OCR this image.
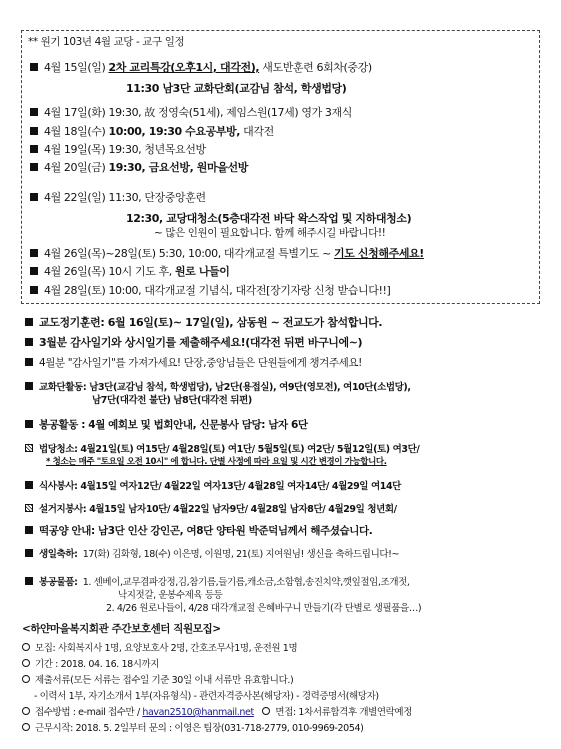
** 원기 103년 4월 교당 - 교구 일정
4월 15일(일) 2차 교리특강(오후1시, 대각전), 새도반훈련 6회차(중강)
11:30 남3단 교화단회(교감님 참석, 학생법당)
4월 17일(화) 19:30, 故 정영숙(51세), 제임스원(17세) 영가 3재식
4월 18일(수) 10:00, 19:30 수요공부방, 대각전
4월 19일(목) 19:30, 청년목요선방
4월 20일(금) 19:30, 금요선방, 원마을선방
4월 22일(일) 11:30, 단장중앙훈련
12:30, 교당대청소(5층대각전 바닥 왁스작업 및 지하대청소)
~ 많은 인원이 필요합니다. 함께 해주시길 바랍니다!!
4월 26일(목)~28일(토) 5:30, 10:00, 대각개교절 특별기도 ~ 기도 신청해주세요!
4월 26일(목) 10시 기도 후, 원로 나들이
4월 28일(토) 10:00, 대각개교절 기념식, 대각전[장기자랑 신청 받습니다!!]
교도정기훈련: 6월 16일(토)~ 17일(일), 삼동원 ~ 전교도가 참석합니다.
3월분 감사일기와 상시일기를 제출해주세요!(대각전 뒤편 바구니에~)
4월분 "감사일기"를 가져가세요! 단장,중앙님들은 단원들에게 챙겨주세요!
교화단활동: 남3단(교감님 참석, 학생법당), 남2단(용접실), 여9단(영모전), 여10단(소법당),
남7단(대각전 불단) 남8단(대각전 뒤편)
봉공활동 : 4월 예회보 및 법회안내, 신문봉사 담당: 남자 6단
법당청소: 4월21일(토) 여15단/ 4월28일(토) 여1단/ 5월5일(토) 여2단/ 5월12일(토) 여3단/
* 청소는 매주 "토요일 오전 10시" 에 합니다. 단별 사정에 따라 요일 및 시간 변경이 가능합니다.
식사봉사: 4월15일 여자12단/ 4월22일 여자13단/ 4월28일 여자14단/ 4월29일 여14단
설거지봉사: 4월15일 남자10단/ 4월22일 남자9단/ 4월28일 남자8단/ 4월29일 청년회/
떡공양 안내: 남3단 인산 강인곤, 여8단 양타원 박준덕님께서 해주셨습니다.
생일축하: 17(화) 김화형, 18(수) 이은명, 이원명, 21(토) 지여원님! 생신을 축하드립니다!~
봉공물품: 1. 센베이,교무겸파강정,김,참기름,들기름,캐소금,소함협,송진치약,깻잎절임,조개젓,
낙지젓갈, 운봉수제육 등등
2. 4/26 원로나들이, 4/28 대각개교절 은혜바구니 만들기(각 단별로 생필품을…)
<하얀마을복지회관 주간보호센터 직원모집>
모집: 사회복지사 1명, 요양보호사 2명, 간호조무사1명, 운전원 1명
기간 : 2018. 04. 16. 18시까지
제출서류(모든 서류는 접수일 기준 30일 이내 서류만 유효합니다.)
- 이력서 1부, 자기소개서 1부(자유형식) - 관련자격증사본(해당자) - 경력증명서(해당자)
접수방법 : e-mail 접수만 / havan2510@hanmail.net 면접: 1차서류합격후 개별연락예정
근무시작: 2018. 5. 2일부터 문의 : 이영은 팀장(031-718-2779, 010-9969-2054)
